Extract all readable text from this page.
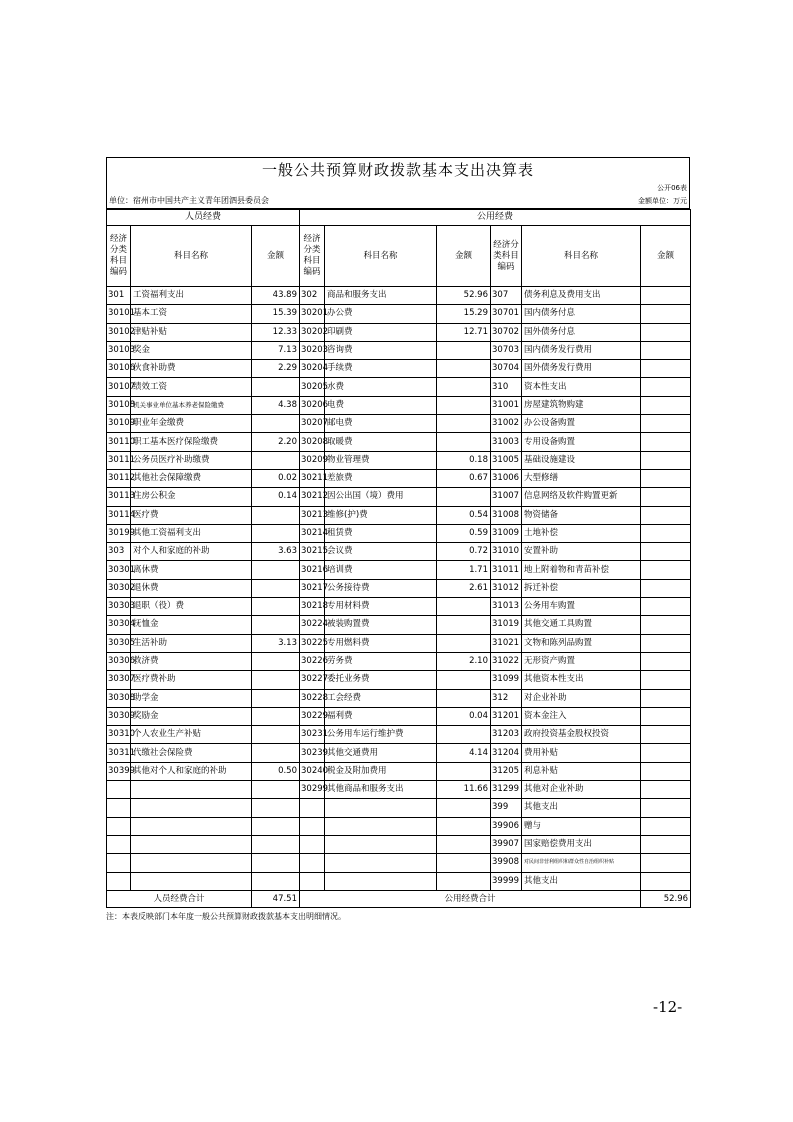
一般公共预算财政拨款基本支出决算表
公开06表
单位：宿州市中国共产主义青年团泗县委员会	金额单位：万元
人员经费			公用经费					
经济分类科目编码	科目名称	金额	经济分类科目编码	科目名称	金额	经济分类科目编码	科目名称	金额
301	工资福利支出	43.89	302	商品和服务支出	52.96	307	债务利息及费用支出	
30101	基本工资	15.39	30201	办公费	15.29	30701	国内债务付息	
30102	津贴补贴	12.33	30202	印刷费	12.71	30702	国外债务付息	
30103	奖金	7.13	30203	咨询费		30703	国内债务发行费用	
30106	伙食补助费	2.29	30204	手续费		30704	国外债务发行费用	
30107	绩效工资		30205	水费		310	资本性支出	
30108	机关事业单位基本养老保险缴费	4.38	30206	电费		31001	房屋建筑物购建	
30109	职业年金缴费		30207	邮电费		31002	办公设备购置	
30110	职工基本医疗保险缴费	2.20	30208	取暖费		31003	专用设备购置	
30111	公务员医疗补助缴费		30209	物业管理费	0.18	31005	基础设施建设	
30112	其他社会保障缴费	0.02	30211	差旅费	0.67	31006	大型修缮	
30113	住房公积金	0.14	30212	因公出国（境）费用		31007	信息网络及软件购置更新	
30114	医疗费		30213	维修(护)费	0.54	31008	物资储备	
30199	其他工资福利支出		30214	租赁费	0.59	31009	土地补偿	
303	对个人和家庭的补助	3.63	30215	会议费	0.72	31010	安置补助	
30301	离休费		30216	培训费	1.71	31011	地上附着物和青苗补偿	
30302	退休费		30217	公务接待费	2.61	31012	拆迁补偿	
30303	退职（役）费		30218	专用材料费		31013	公务用车购置	
30304	抚恤金		30224	被装购置费		31019	其他交通工具购置	
30305	生活补助	3.13	30225	专用燃料费		31021	文物和陈列品购置	
30306	救济费		30226	劳务费	2.10	31022	无形资产购置	
30307	医疗费补助		30227	委托业务费		31099	其他资本性支出	
30308	助学金		30228	工会经费		312	对企业补助	
30309	奖励金		30229	福利费	0.04	31201	资本金注入	
30310	个人农业生产补贴		30231	公务用车运行维护费		31203	政府投资基金股权投资	
30311	代缴社会保险费		30239	其他交通费用	4.14	31204	费用补贴	
30399	其他对个人和家庭的补助	0.50	30240	税金及附加费用		31205	利息补贴	
			30299	其他商品和服务支出	11.66	31299	其他对企业补助	
						399	其他支出	
						39906	赠与	
						39907	国家赔偿费用支出	
						39908	对民间非营利组织和群众性自治组织补贴	
						39999	其他支出	
人员经费合计		47.51	公用经费合计					52.96
注：本表反映部门本年度一般公共预算财政拨款基本支出明细情况。
-12-
